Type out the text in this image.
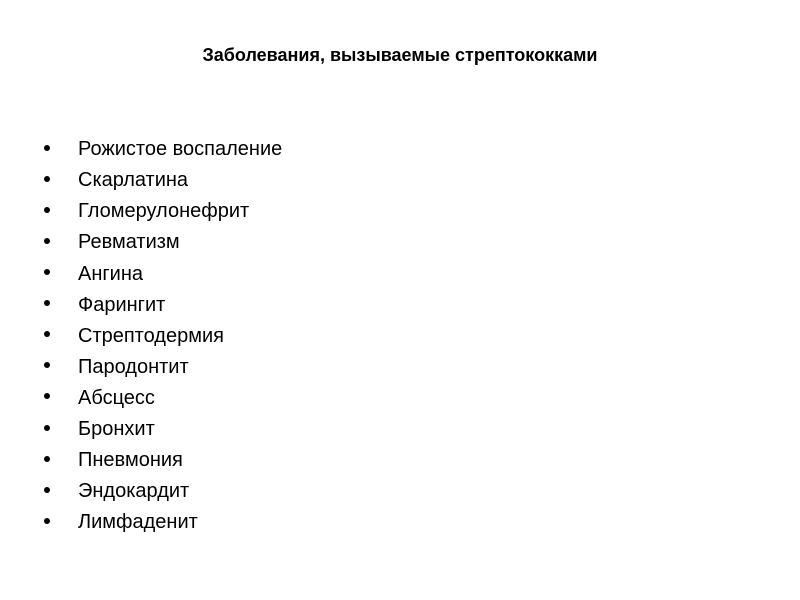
Заболевания, вызываемые стрептококками
Рожистое воспаление
Скарлатина
Гломерулонефрит
Ревматизм
Ангина
Фарингит
Стрептодермия
Пародонтит
Абсцесс
Бронхит
Пневмония
Эндокардит
Лимфаденит
